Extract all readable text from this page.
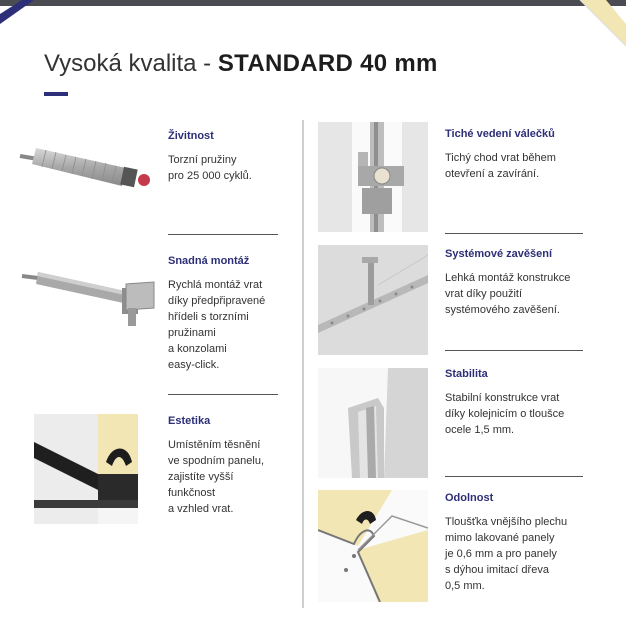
Vysoká kvalita - STANDARD 40 mm
Živitnost
Torzní pružiny
pro 25 000 cyklů.
Snadná montáž
Rychlá montáž vrat
díky předpřipravené
hřídeli s torzními
pružinami
a konzolami
easy-click.
Estetika
Umístěním těsnění
ve spodním panelu,
zajistíte vyšší
funkčnost
a vzhled vrat.
Tiché vedení válečků
Tichý chod vrat během
otevření a zavírání.
Systémové zavěšení
Lehká montáž konstrukce
vrat díky použití
systémového zavěšení.
Stabilita
Stabilní konstrukce vrat
díky kolejnicím o tloušce
ocele 1,5 mm.
Odolnost
Tloušťka vnějšího plechu
mimo lakované panely
je 0,6 mm a pro panely
s dýhou imitací dřeva
0,5 mm.
